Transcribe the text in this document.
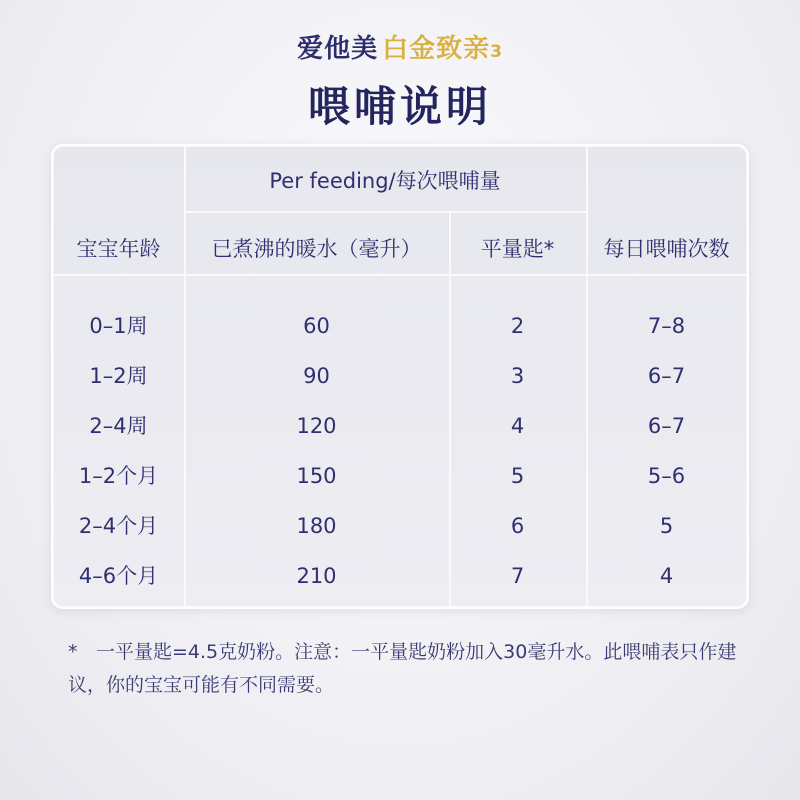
爱他美 白金致亲3
喂哺说明
Per feeding/每次喂哺量
宝宝年龄	已煮沸的暖水（毫升）	平量匙*	每日喂哺次数
0–1周	60	2	7–8
1–2周	90	3	6–7
2–4周	120	4	6–7
1–2个月	150	5	5–6
2–4个月	180	6	5
4–6个月	210	7	4
* 一平量匙=4.5克奶粉。注意：一平量匙奶粉加入30毫升水。此喂哺表只作建议，你的宝宝可能有不同需要。
